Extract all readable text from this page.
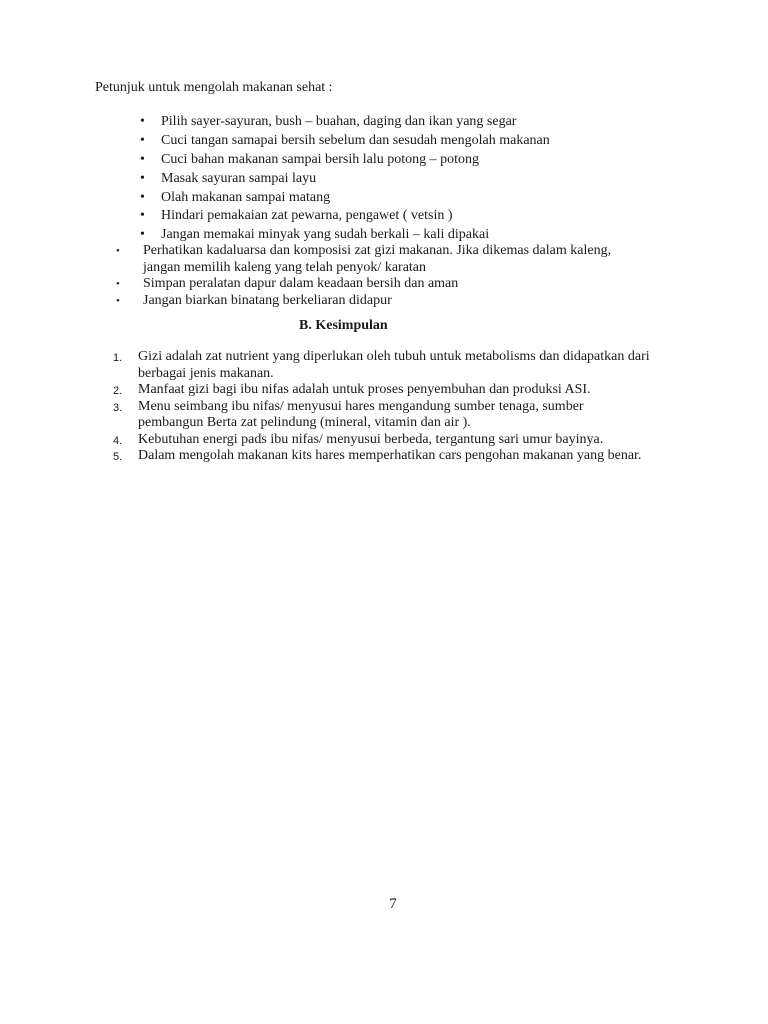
Petunjuk untuk mengolah makanan sehat :
• Pilih sayer-sayuran, bush – buahan, daging dan ikan yang segar
• Cuci tangan samapai bersih sebelum dan sesudah mengolah makanan
• Cuci bahan makanan sampai bersih lalu potong – potong
• Masak sayuran sampai layu
• Olah makanan sampai matang
• Hindari pemakaian zat pewarna, pengawet ( vetsin )
• Jangan memakai minyak yang sudah berkali – kali dipakai
• Perhatikan kadaluarsa dan komposisi zat gizi makanan. Jika dikemas dalam kaleng, jangan memilih kaleng yang telah penyok/ karatan
• Simpan peralatan dapur dalam keadaan bersih dan aman
• Jangan biarkan binatang berkeliaran didapur
B. Kesimpulan
1. Gizi adalah zat nutrient yang diperlukan oleh tubuh untuk metabolisms dan didapatkan dari berbagai jenis makanan.
2. Manfaat gizi bagi ibu nifas adalah untuk proses penyembuhan dan produksi ASI.
3. Menu seimbang ibu nifas/ menyusui hares mengandung sumber tenaga, sumber pembangun Berta zat pelindung (mineral, vitamin dan air ).
4. Kebutuhan energi pads ibu nifas/ menyusui berbeda, tergantung sari umur bayinya.
5. Dalam mengolah makanan kits hares memperhatikan cars pengohan makanan yang benar.
7
